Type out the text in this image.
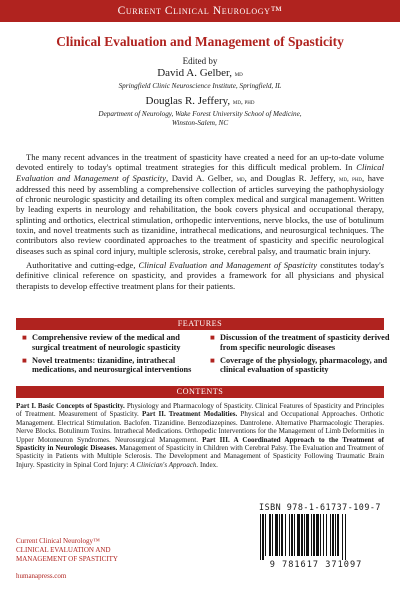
Current Clinical Neurology™
Clinical Evaluation and Management of Spasticity
Edited by
David A. Gelber, md
Springfield Clinic Neuroscience Institute, Springfield, IL
Douglas R. Jeffery, md, phd
Department of Neurology, Wake Forest University School of Medicine,
Winston-Salem, NC

The many recent advances in the treatment of spasticity have created a need for an up-to-date volume devoted entirely to today's optimal treatment strategies for this difficult medical problem. In Clinical Evaluation and Management of Spasticity, David A. Gelber, md, and Douglas R. Jeffery, md, phd, have addressed this need by assembling a comprehensive collection of articles surveying the pathophysiology of chronic neurologic spasticity and detailing its often complex medical and surgical management. Written by leading experts in neurology and rehabilitation, the book covers physical and occupational therapy, splinting and orthotics, electrical stimulation, orthopedic interventions, nerve blocks, the use of botulinum toxin, and novel treatments such as tizanidine, intrathecal medications, and neurosurgical techniques. The contributors also review coordinated approaches to the treatment of spasticity and specific neurological diseases such as spinal cord injury, multiple sclerosis, stroke, cerebral palsy, and traumatic brain injury.

Authoritative and cutting-edge, Clinical Evaluation and Management of Spasticity constitutes today's definitive clinical reference on spasticity, and provides a framework for all physicians and physical therapists to develop effective treatment plans for their patients.

FEATURES
■ Comprehensive review of the medical and surgical treatment of neurologic spasticity
■ Discussion of the treatment of spasticity derived from specific neurologic diseases
■ Novel treatments: tizanidine, intrathecal medications, and neurosurgical interventions
■ Coverage of the physiology, pharmacology, and clinical evaluation of spasticity
CONTENTS
Part I. Basic Concepts of Spasticity. Physiology and Pharmacology of Spasticity. Clinical Features of Spasticity and Principles of Treatment. Measurement of Spasticity. Part II. Treatment Modalities. Physical and Occupational Approaches. Orthotic Management. Electrical Stimulation. Baclofen. Tizanidine. Benzodiazepines. Dantrolene. Alternative Pharmacologic Therapies. Nerve Blocks. Botulinum Toxins. Intrathecal Medications. Orthopedic Interventions for the Management of Limb Deformities in Upper Motoneuron Syndromes. Neurosurgical Management. Part III. A Coordinated Approach to the Treatment of Spasticity in Neurologic Diseases. Management of Spasticity in Children with Cerebral Palsy. The Evaluation and Treatment of Spasticity in Patients with Multiple Sclerosis. The Development and Management of Spasticity Following Traumatic Brain Injury. Spasticity in Spinal Cord Injury: A Clinician's Approach. Index.
ISBN 978-1-61737-109-7
9 781617 371097
Current Clinical Neurology™
CLINICAL EVALUATION AND
MANAGEMENT OF SPASTICITY
humanapress.com
